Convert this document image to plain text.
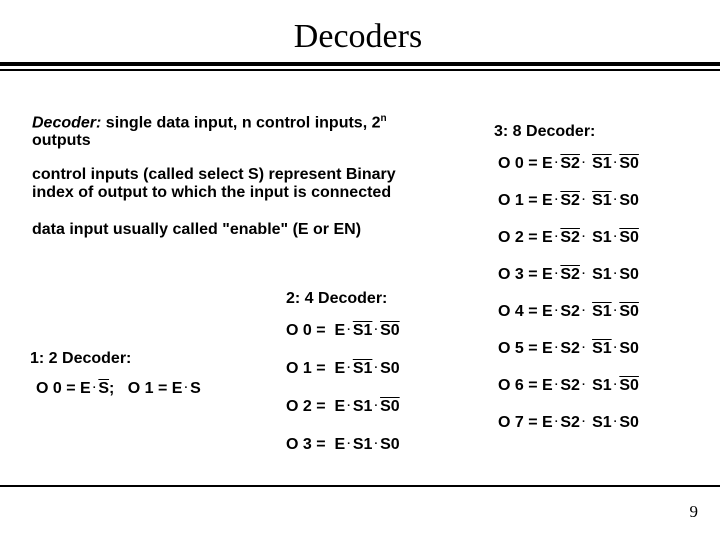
Decoders
Decoder: single data input, n control inputs, 2$^n$
outputs
control inputs (called select S) represent Binary
index of output to which the input is connected
data input usually called "enable" (E or EN)
1: 2 Decoder:
O $0 = E \cdot \overline{S}$; O 1 = E · S
2: 4 Decoder:
O 0 = E · S1 · S0
O 1 = E · S1 · S0
O 2 = E · S1 · S0
O 3 = E · S1 · S0
3: 8 Decoder:
O 0 = E · S2 · S1 · S0
O 1 = E · S2 · S1 · S0
O 2 = E · S2 · S1 · S0
O 3 = E · S2 · S1 · S0
O 4 = E · S2 · S1 · S0
O 5 = E · S2 · S1 · S0
O 6 = E · S2 · S1 · S0
O 7 = E · S2 · S1 · S0
9
